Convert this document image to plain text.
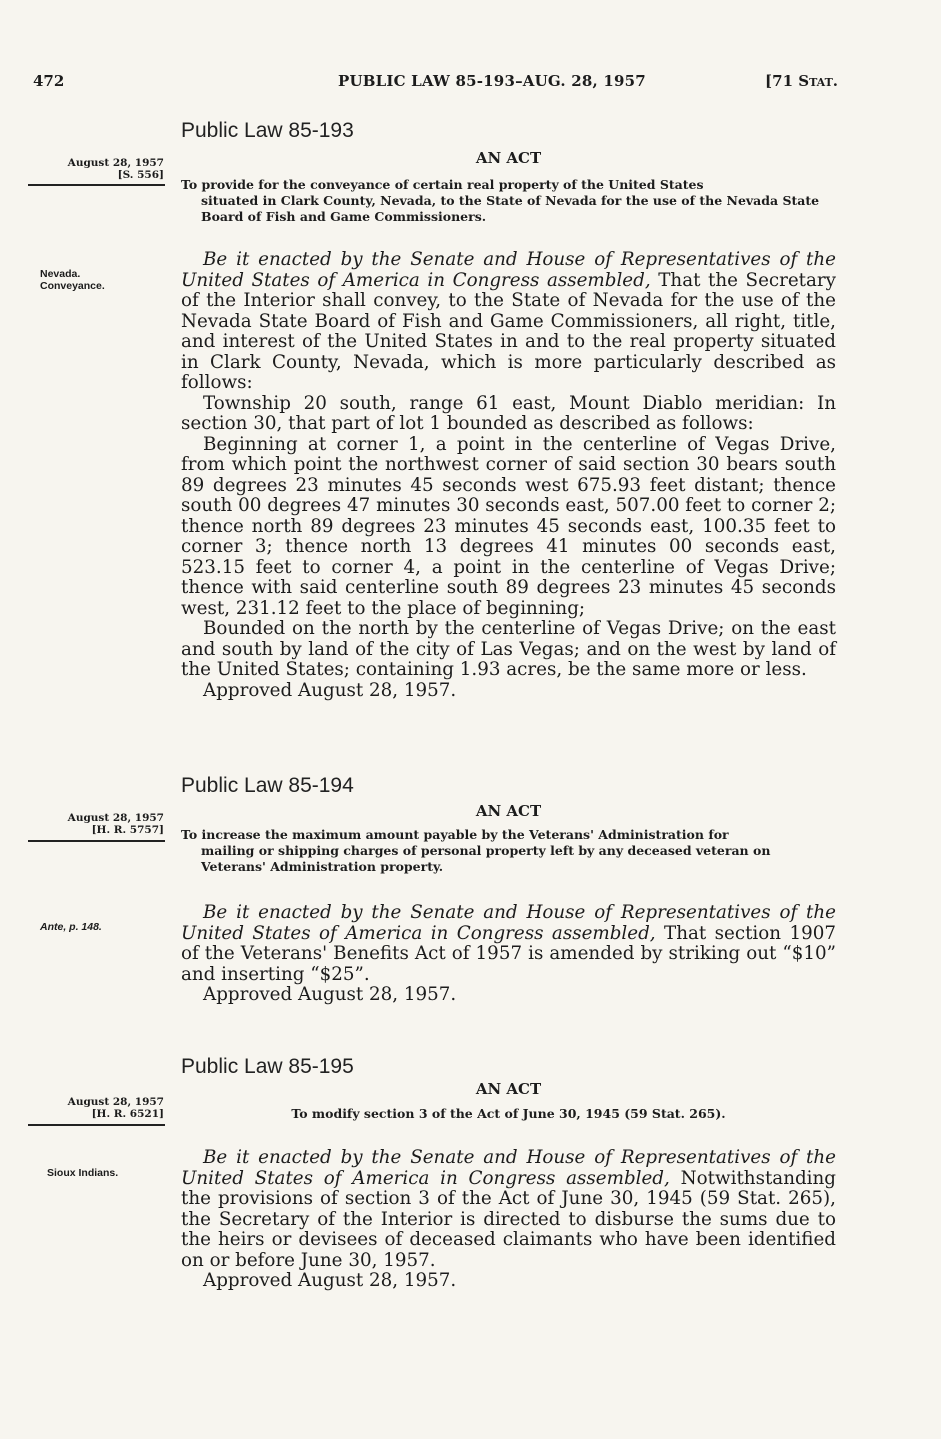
472	PUBLIC LAW 85-193–AUG. 28, 1957	[71 Stat.
Public Law 85-193
AN ACT
August 28, 1957
[S. 556]
To provide for the conveyance of certain real property of the United States
situated in Clark County, Nevada, to the State of Nevada for the use of the Nevada State Board of Fish and Game Commissioners.
Nevada.
Conveyance.

Be it enacted by the Senate and House of Representatives of the United States of America in Congress assembled, That the Secretary of the Interior shall convey, to the State of Nevada for the use of the Nevada State Board of Fish and Game Commissioners, all right, title, and interest of the United States in and to the real property situated in Clark County, Nevada, which is more particularly described as follows:

Township 20 south, range 61 east, Mount Diablo meridian: In section 30, that part of lot 1 bounded as described as follows:

Beginning at corner 1, a point in the centerline of Vegas Drive, from which point the northwest corner of said section 30 bears south 89 degrees 23 minutes 45 seconds west 675.93 feet distant; thence south 00 degrees 47 minutes 30 seconds east, 507.00 feet to corner 2; thence north 89 degrees 23 minutes 45 seconds east, 100.35 feet to corner 3; thence north 13 degrees 41 minutes 00 seconds east, 523.15 feet to corner 4, a point in the centerline of Vegas Drive; thence with said centerline south 89 degrees 23 minutes 45 seconds west, 231.12 feet to the place of beginning;

Bounded on the north by the centerline of Vegas Drive; on the east and south by land of the city of Las Vegas; and on the west by land of the United States; containing 1.93 acres, be the same more or less.

Approved August 28, 1957.

Public Law 85-194
AN ACT
August 28, 1957
[H. R. 5757] To increase the maximum amount payable by the Veterans' Administration for
mailing or shipping charges of personal property left by any deceased veteran on Veterans' Administration property.
Ante, p. 148.

Be it enacted by the Senate and House of Representatives of the United States of America in Congress assembled, That section 1907 of the Veterans' Benefits Act of 1957 is amended by striking out “$10” and inserting “$25”.

Approved August 28, 1957.

Public Law 85-195
AN ACT
August 28, 1957
[H. R. 6521]	To modify section 3 of the Act of June 30, 1945 (59 Stat. 265).
Sioux Indians.

Be it enacted by the Senate and House of Representatives of the United States of America in Congress assembled, Notwithstanding the provisions of section 3 of the Act of June 30, 1945 (59 Stat. 265), the Secretary of the Interior is directed to disburse the sums due to the heirs or devisees of deceased claimants who have been identified on or before June 30, 1957.

Approved August 28, 1957.
